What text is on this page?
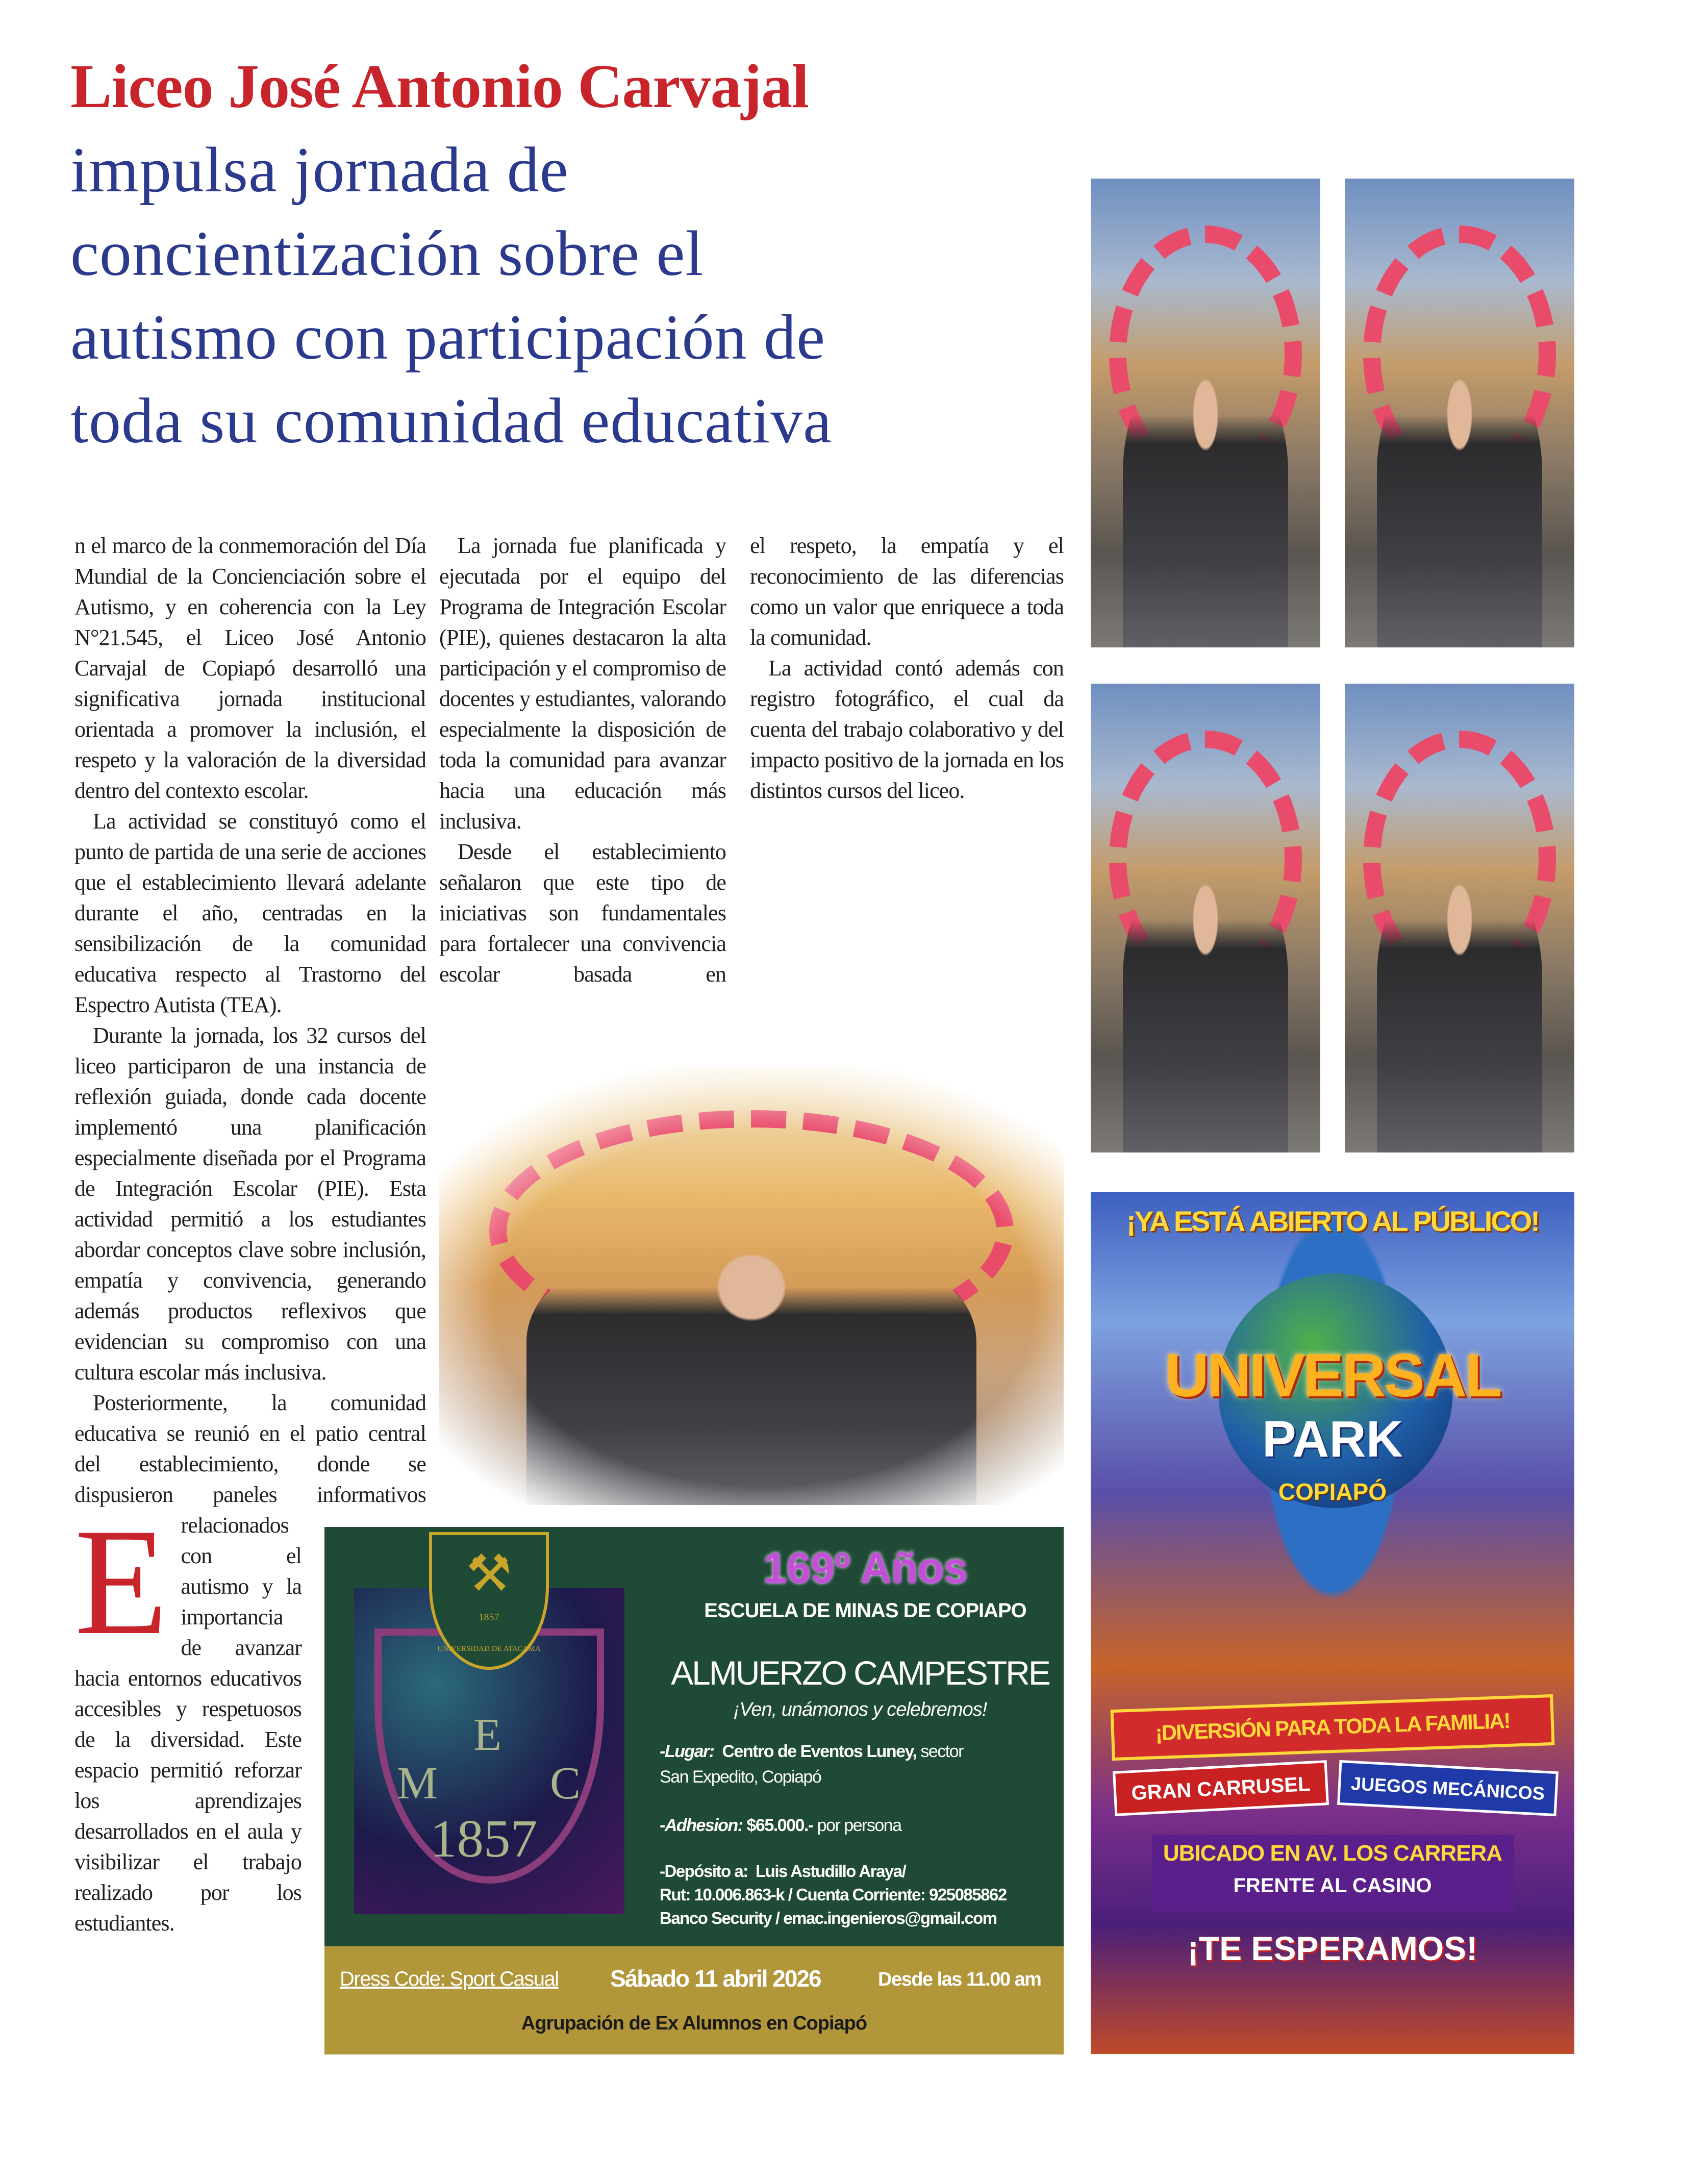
Liceo José Antonio Carvajal
impulsa jornada de
concientización sobre el
autismo con participación de
toda su comunidad educativa

E
n el marco de la conmemoración del Día Mundial de la Concienciación sobre el Autismo, y en coherencia con la Ley N°21.545, el Liceo José Antonio Carvajal de Copiapó desarrolló una significativa jornada institucional orientada a promover la inclusión, el respeto y la valoración de la diversidad dentro del contexto escolar.

La actividad se constituyó como el punto de partida de una serie de acciones que el establecimiento llevará adelante durante el año, centradas en la sensibilización de la comunidad educativa respecto al Trastorno del Espectro Autista (TEA).

Durante la jornada, los 32 cursos del liceo participaron de una instancia de reflexión guiada, donde cada docente implementó una planificación especialmente diseñada por el Programa de Integración Escolar (PIE). Esta actividad permitió a los estudiantes abordar conceptos clave sobre inclusión, empatía y convivencia, generando además productos reflexivos que evidencian su compromiso con una cultura escolar más inclusiva.

Posteriormente, la comunidad educativa se reunió en el patio central del establecimiento, donde se dispusieron paneles informativos relacionados con el autismo y la importancia de avanzar hacia entornos educativos accesibles y respetuosos de la diversidad. Este espacio permitió reforzar los aprendizajes desarrollados en el aula y visibilizar el trabajo realizado por los estudiantes.

La jornada fue planificada y ejecutada por el equipo del Programa de Integración Escolar (PIE), quienes destacaron la alta participación y el compromiso de docentes y estudiantes, valorando especialmente la disposición de toda la comunidad para avanzar hacia una educación más inclusiva.

Desde el establecimiento señalaron que este tipo de iniciativas son fundamentales para fortalecer una convivencia escolar basada en

el respeto, la empatía y el reconocimiento de las diferencias como un valor que enriquece a toda la comunidad.

La actividad contó además con registro fotográfico, el cual da cuenta del trabajo colaborativo y del impacto positivo de la jornada en los distintos cursos del liceo.

E
M C
1857
⚒
1857
UNIVERSIDAD DE ATACAMA
169º Años
ESCUELA DE MINAS DE COPIAPO
ALMUERZO CAMPESTRE
¡Ven, unámonos y celebremos!
-Lugar: Centro de Eventos Luney, sector
San Expedito, Copiapó
-Adhesion: $65.000.- por persona
-Depósito a: Luis Astudillo Araya/
Rut: 10.006.863-k / Cuenta Corriente: 925085862
Banco Security / emac.ingenieros@gmail.com
Dress Code: Sport Casual Sábado 11 abril 2026	Desde las 11.00 am
Agrupación de Ex Alumnos en Copiapó
¡YA ESTÁ ABIERTO AL PÚBLICO!
UNIVERSAL
PARK
COPIAPÓ
¡DIVERSIÓN PARA TODA LA FAMILIA!
GRAN CARRUSEL	JUEGOS MECÁNICOS
UBICADO EN AV. LOS CARRERA
FRENTE AL CASINO
¡TE ESPERAMOS!
